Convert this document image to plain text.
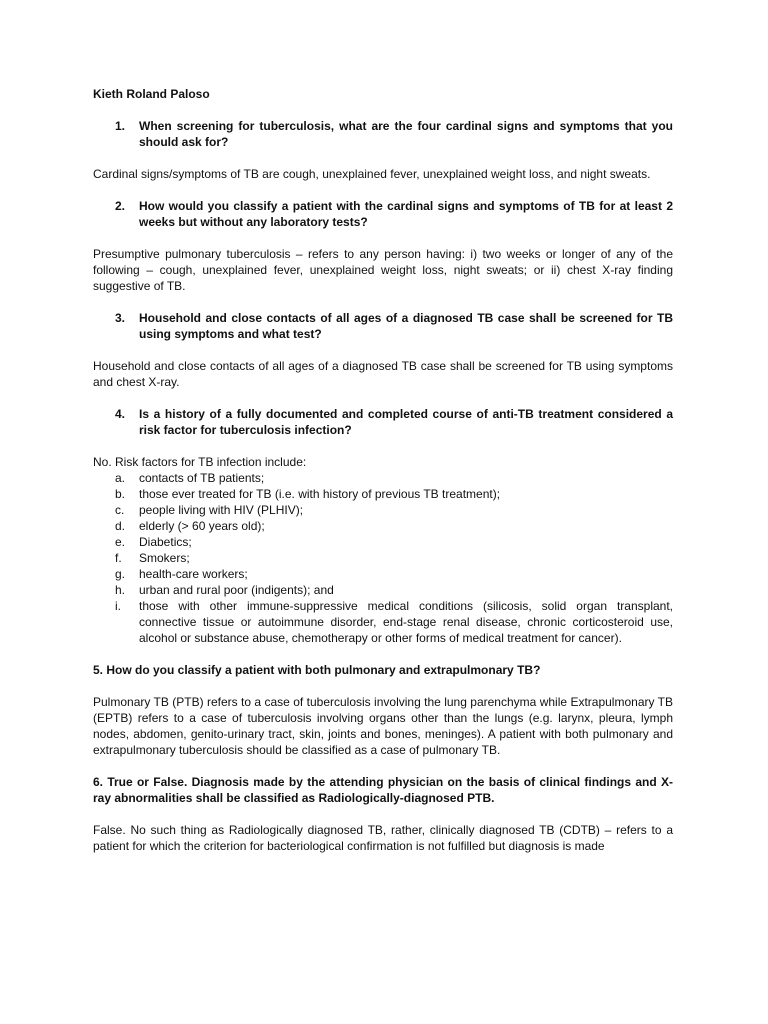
Kieth Roland Paloso
1.	When screening for tuberculosis, what are the four cardinal signs and symptoms that you should ask for?
Cardinal signs/symptoms of TB are cough, unexplained fever, unexplained weight loss, and night sweats.
2.	How would you classify a patient with the cardinal signs and symptoms of TB for at least 2 weeks but without any laboratory tests?
Presumptive pulmonary tuberculosis – refers to any person having: i) two weeks or longer of any of the following – cough, unexplained fever, unexplained weight loss, night sweats; or ii) chest X-ray finding suggestive of TB.
3.	Household and close contacts of all ages of a diagnosed TB case shall be screened for TB using symptoms and what test?
Household and close contacts of all ages of a diagnosed TB case shall be screened for TB using symptoms and chest X-ray.
4.	Is a history of a fully documented and completed course of anti-TB treatment considered a risk factor for tuberculosis infection?
No. Risk factors for TB infection include:
a.	contacts of TB patients;
b.	those ever treated for TB (i.e. with history of previous TB treatment);
c.	people living with HIV (PLHIV);
d.	elderly (> 60 years old);
e.	Diabetics;
f.	Smokers;
g.	health-care workers;
h.	urban and rural poor (indigents); and
i.	those with other immune-suppressive medical conditions (silicosis, solid organ transplant, connective tissue or autoimmune disorder, end-stage renal disease, chronic corticosteroid use, alcohol or substance abuse, chemotherapy or other forms of medical treatment for cancer).
5. How do you classify a patient with both pulmonary and extrapulmonary TB?
Pulmonary TB (PTB) refers to a case of tuberculosis involving the lung parenchyma while Extrapulmonary TB (EPTB) refers to a case of tuberculosis involving organs other than the lungs (e.g. larynx, pleura, lymph nodes, abdomen, genito-urinary tract, skin, joints and bones, meninges). A patient with both pulmonary and extrapulmonary tuberculosis should be classified as a case of pulmonary TB.
6. True or False. Diagnosis made by the attending physician on the basis of clinical findings and X-ray abnormalities shall be classified as Radiologically-diagnosed PTB.
False. No such thing as Radiologically diagnosed TB, rather, clinically diagnosed TB (CDTB) – refers to a patient for which the criterion for bacteriological confirmation is not fulfilled but diagnosis is made
